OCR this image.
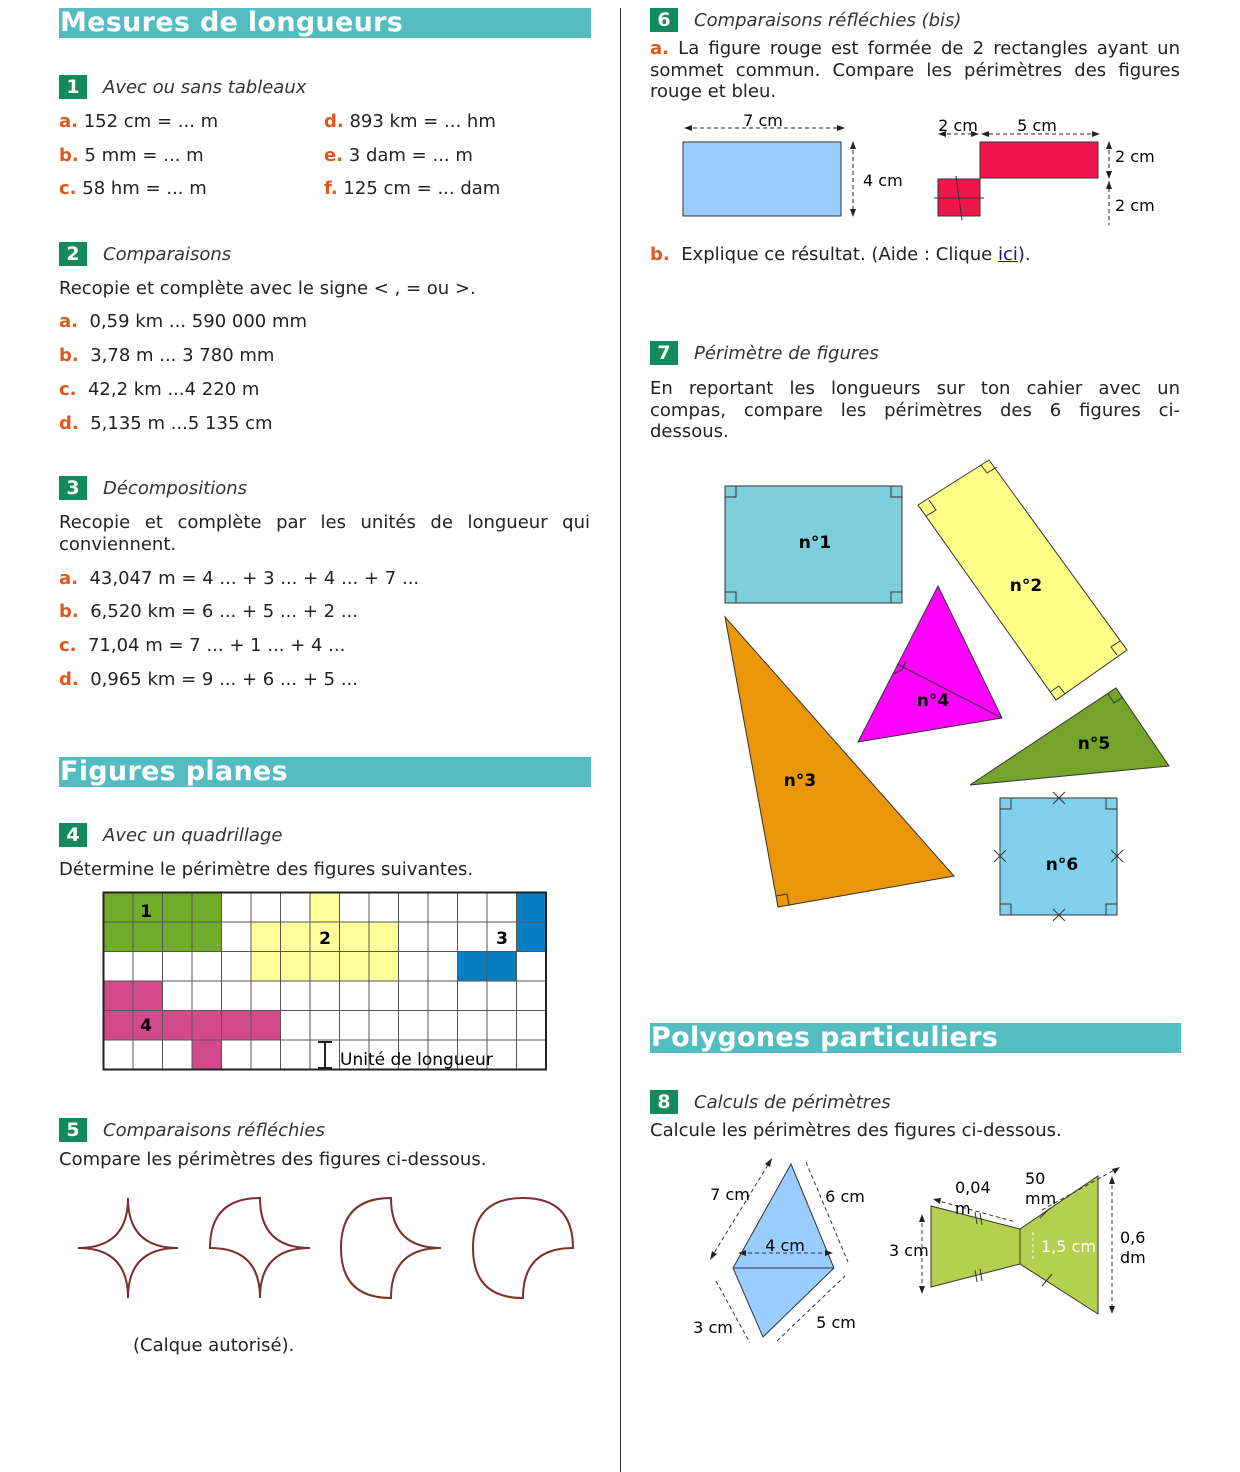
Mesures de longueurs
1	Avec ou sans tableaux
a. 152 cm = ... m
b. 5 mm = ... m
c. 58 hm = ... m
d. 893 km = ... hm
e. 3 dam = ... m
f. 125 cm = ... dam
2	Comparaisons
Recopie et complète avec le signe < , = ou >.
a. 0,59 km ... 590 000 mm
b. 3,78 m ... 3 780 mm
c. 42,2 km ...4 220 m
d. 5,135 m ...5 135 cm
3	Décompositions
Recopie et complète par les unités de longueur qui conviennent.
a. 43,047 m = 4 ... + 3 ... + 4 ... + 7 ...
b. 6,520 km = 6 ... + 5 ... + 2 ...
c. 71,04 m = 7 ... + 1 ... + 4 ...
d. 0,965 km = 9 ... + 6 ... + 5 ...
Figures planes
4	Avec un quadrillage
Détermine le périmètre des figures suivantes.
1
2	3
4
Unité de longueur
5	Comparaisons réfléchies
Compare les périmètres des figures ci-dessous.
(Calque autorisé).
6	Comparaisons réfléchies (bis)
a. La figure rouge est formée de 2 rectangles ayant un sommet commun. Compare les périmètres des figures rouge et bleu.
7 cm
4 cm
2 cm 5 cm
2 cm
2 cm
b. Explique ce résultat. (Aide : Clique ici).
7	Périmètre de figures
En reportant les longueurs sur ton cahier avec un compas, compare les périmètres des 6 figures ci-dessous.
n°1
n°2
n°3
n°4
n°5
n°6
Polygones particuliers
8	Calculs de périmètres
Calcule les périmètres des figures ci-dessous.
7 cm	6 cm
4 cm
3 cm	5 cm
0,04
m
50
mm
3 cm	1,5 cm 0,6
dm
